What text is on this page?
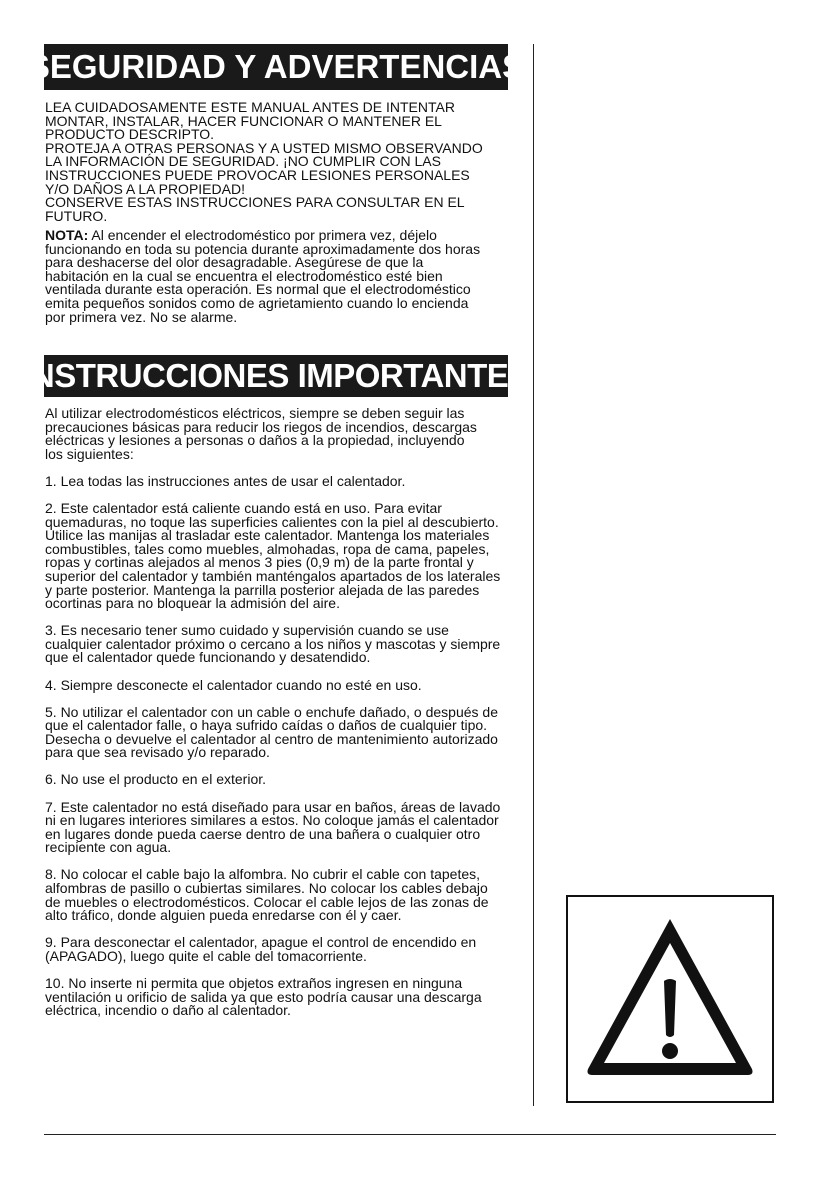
SEGURIDAD Y ADVERTENCIAS
LEA CUIDADOSAMENTE ESTE MANUAL ANTES DE INTENTAR
MONTAR, INSTALAR, HACER FUNCIONAR O MANTENER EL
PRODUCTO DESCRIPTO.
PROTEJA A OTRAS PERSONAS Y A USTED MISMO OBSERVANDO
LA INFORMACIÓN DE SEGURIDAD. ¡NO CUMPLIR CON LAS
INSTRUCCIONES PUEDE PROVOCAR LESIONES PERSONALES
Y/O DAÑOS A LA PROPIEDAD!
CONSERVE ESTAS INSTRUCCIONES PARA CONSULTAR EN EL
FUTURO.
NOTA: Al encender el electrodoméstico por primera vez, déjelo
funcionando en toda su potencia durante aproximadamente dos horas
para deshacerse del olor desagradable. Asegúrese de que la
habitación en la cual se encuentra el electrodoméstico esté bien
ventilada durante esta operación. Es normal que el electrodoméstico
emita pequeños sonidos como de agrietamiento cuando lo encienda
por primera vez. No se alarme.
INSTRUCCIONES IMPORTANTES
Al utilizar electrodomésticos eléctricos, siempre se deben seguir las
precauciones básicas para reducir los riegos de incendios, descargas
eléctricas y lesiones a personas o daños a la propiedad, incluyendo
los siguientes:
1. Lea todas las instrucciones antes de usar el calentador.
2. Este calentador está caliente cuando está en uso. Para evitar
quemaduras, no toque las superficies calientes con la piel al descubierto.
Utilice las manijas al trasladar este calentador. Mantenga los materiales
combustibles, tales como muebles, almohadas, ropa de cama, papeles,
ropas y cortinas alejados al menos 3 pies (0,9 m) de la parte frontal y
superior del calentador y también manténgalos apartados de los laterales
y parte posterior. Mantenga la parrilla posterior alejada de las paredes
ocortinas para no bloquear la admisión del aire.
3. Es necesario tener sumo cuidado y supervisión cuando se use
cualquier calentador próximo o cercano a los niños y mascotas y siempre
que el calentador quede funcionando y desatendido.
4. Siempre desconecte el calentador cuando no esté en uso.
5. No utilizar el calentador con un cable o enchufe dañado, o después de
que el calentador falle, o haya sufrido caídas o daños de cualquier tipo.
Desecha o devuelve el calentador al centro de mantenimiento autorizado
para que sea revisado y/o reparado.
6. No use el producto en el exterior.
7. Este calentador no está diseñado para usar en baños, áreas de lavado
ni en lugares interiores similares a estos. No coloque jamás el calentador
en lugares donde pueda caerse dentro de una bañera o cualquier otro
recipiente con agua.
8. No colocar el cable bajo la alfombra. No cubrir el cable con tapetes,
alfombras de pasillo o cubiertas similares. No colocar los cables debajo
de muebles o electrodomésticos. Colocar el cable lejos de las zonas de
alto tráfico, donde alguien pueda enredarse con él y caer.
9. Para desconectar el calentador, apague el control de encendido en
(APAGADO), luego quite el cable del tomacorriente.
10. No inserte ni permita que objetos extraños ingresen en ninguna
ventilación u orificio de salida ya que esto podría causar una descarga
eléctrica, incendio o daño al calentador.
